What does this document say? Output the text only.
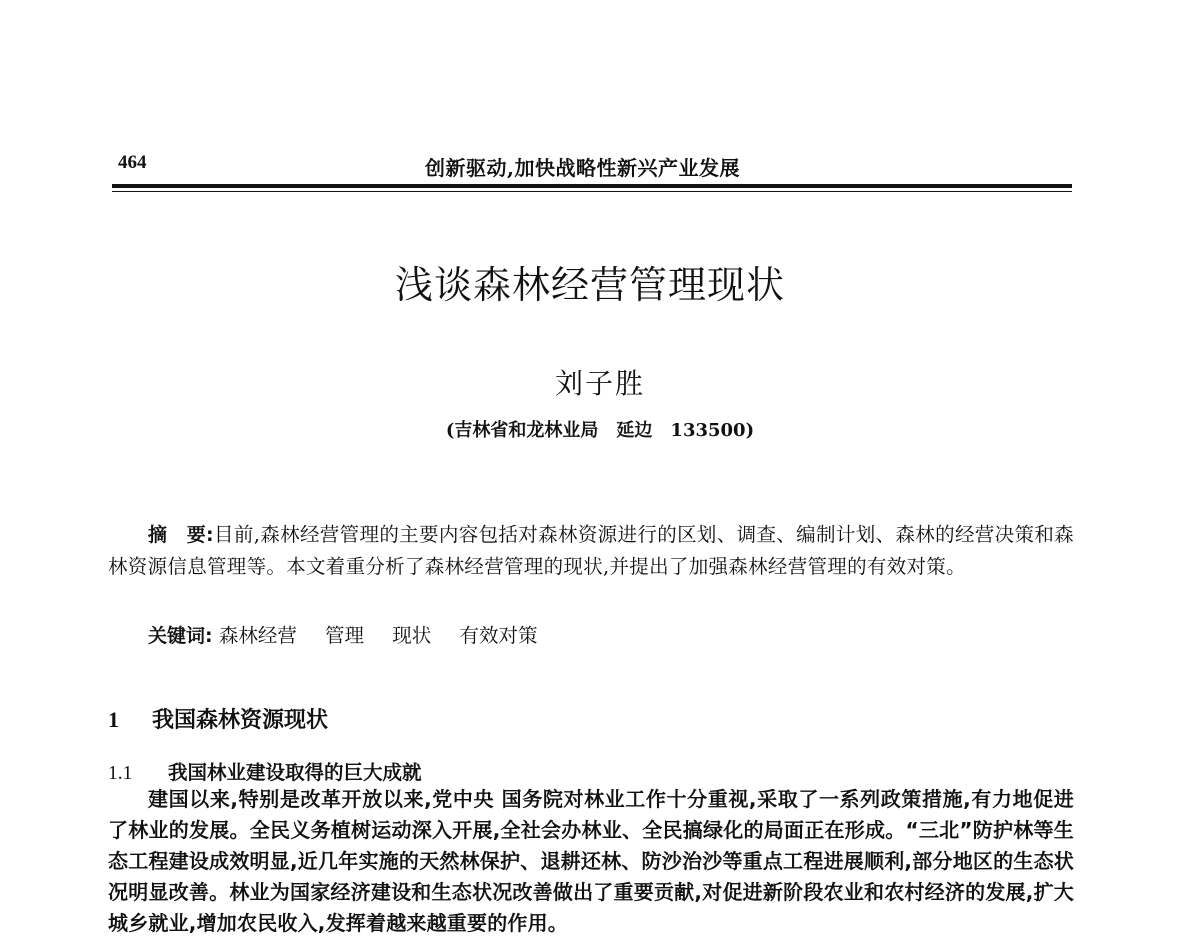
464	创新驱动,加快战略性新兴产业发展
浅谈森林经营管理现状
刘子胜
(吉林省和龙林业局　延边　133500)
摘　要:目前,森林经营管理的主要内容包括对森林资源进行的区划、调查、编制计划、森林的经营决策和森林资源信息管理等。本文着重分析了森林经营管理的现状,并提出了加强森林经营管理的有效对策。
关键词: 森林经营 管理 现状 有效对策
1 我国森林资源现状
1.1 我国林业建设取得的巨大成就

建国以来,特别是改革开放以来,党中央 国务院对林业工作十分重视,采取了一系列政策措施,有力地促进了林业的发展。全民义务植树运动深入开展,全社会办林业、全民搞绿化的局面正在形成。“三北”防护林等生态工程建设成效明显,近几年实施的天然林保护、退耕还林、防沙治沙等重点工程进展顺利,部分地区的生态状况明显改善。林业为国家经济建设和生态状况改善做出了重要贡献,对促进新阶段农业和农村经济的发展,扩大城乡就业,增加农民收入,发挥着越来越重要的作用。
